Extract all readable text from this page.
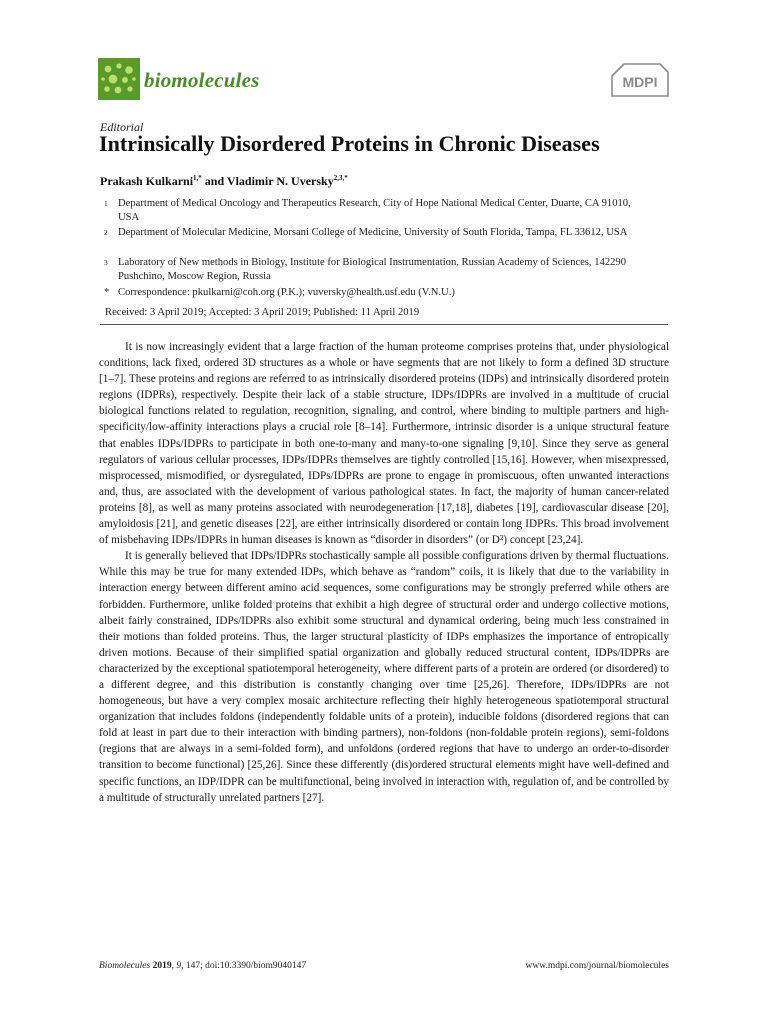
biomolecules	MDPI
Editorial
Intrinsically Disordered Proteins in Chronic Diseases
Prakash Kulkarni$^{1,*}$ and Vladimir N. Uversky$^{2,3,*}$
1 Department of Medical Oncology and Therapeutics Research, City of Hope National Medical Center, Duarte, CA 91010, USA
2 Department of Molecular Medicine, Morsani College of Medicine, University of South Florida, Tampa, FL 33612, USA
3 Laboratory of New methods in Biology, Institute for Biological Instrumentation, Russian Academy of Sciences, 142290 Pushchino, Moscow Region, Russia
* Correspondence: pkulkarni@coh.org (P.K.); vuversky@health.usf.edu (V.N.U.)
Received: 3 April 2019; Accepted: 3 April 2019; Published: 11 April 2019

It is now increasingly evident that a large fraction of the human proteome comprises proteins that, under physiological conditions, lack fixed, ordered 3D structures as a whole or have segments that are not likely to form a defined 3D structure [1–7]. These proteins and regions are referred to as intrinsically disordered proteins (IDPs) and intrinsically disordered protein regions (IDPRs), respectively. Despite their lack of a stable structure, IDPs/IDPRs are involved in a multitude of crucial biological functions related to regulation, recognition, signaling, and control, where binding to multiple partners and high-specificity/low-affinity interactions plays a crucial role [8–14]. Furthermore, intrinsic disorder is a unique structural feature that enables IDPs/IDPRs to participate in both one-to-many and many-to-one signaling [9,10]. Since they serve as general regulators of various cellular processes, IDPs/IDPRs themselves are tightly controlled [15,16]. However, when misexpressed, misprocessed, mismodified, or dysregulated, IDPs/IDPRs are prone to engage in promiscuous, often unwanted interactions and, thus, are associated with the development of various pathological states. In fact, the majority of human cancer-related proteins [8], as well as many proteins associated with neurodegeneration [17,18], diabetes [19], cardiovascular disease [20], amyloidosis [21], and genetic diseases [22], are either intrinsically disordered or contain long IDPRs. This broad involvement of misbehaving IDPs/IDPRs in human diseases is known as “disorder in disorders” (or D²) concept [23,24].

It is generally believed that IDPs/IDPRs stochastically sample all possible configurations driven by thermal fluctuations. While this may be true for many extended IDPs, which behave as “random” coils, it is likely that due to the variability in interaction energy between different amino acid sequences, some configurations may be strongly preferred while others are forbidden. Furthermore, unlike folded proteins that exhibit a high degree of structural order and undergo collective motions, albeit fairly constrained, IDPs/IDPRs also exhibit some structural and dynamical ordering, being much less constrained in their motions than folded proteins. Thus, the larger structural plasticity of IDPs emphasizes the importance of entropically driven motions. Because of their simplified spatial organization and globally reduced structural content, IDPs/IDPRs are characterized by the exceptional spatiotemporal heterogeneity, where different parts of a protein are ordered (or disordered) to a different degree, and this distribution is constantly changing over time [25,26]. Therefore, IDPs/IDPRs are not homogeneous, but have a very complex mosaic architecture reflecting their highly heterogeneous spatiotemporal structural organization that includes foldons (independently foldable units of a protein), inducible foldons (disordered regions that can fold at least in part due to their interaction with binding partners), non-foldons (non-foldable protein regions), semi-foldons (regions that are always in a semi-folded form), and unfoldons (ordered regions that have to undergo an order-to-disorder transition to become functional) [25,26]. Since these differently (dis)ordered structural elements might have well-defined and specific functions, an IDP/IDPR can be multifunctional, being involved in interaction with, regulation of, and be controlled by a multitude of structurally unrelated partners [27].

Biomolecules 2019, 9, 147; doi:10.3390/biom9040147	www.mdpi.com/journal/biomolecules
